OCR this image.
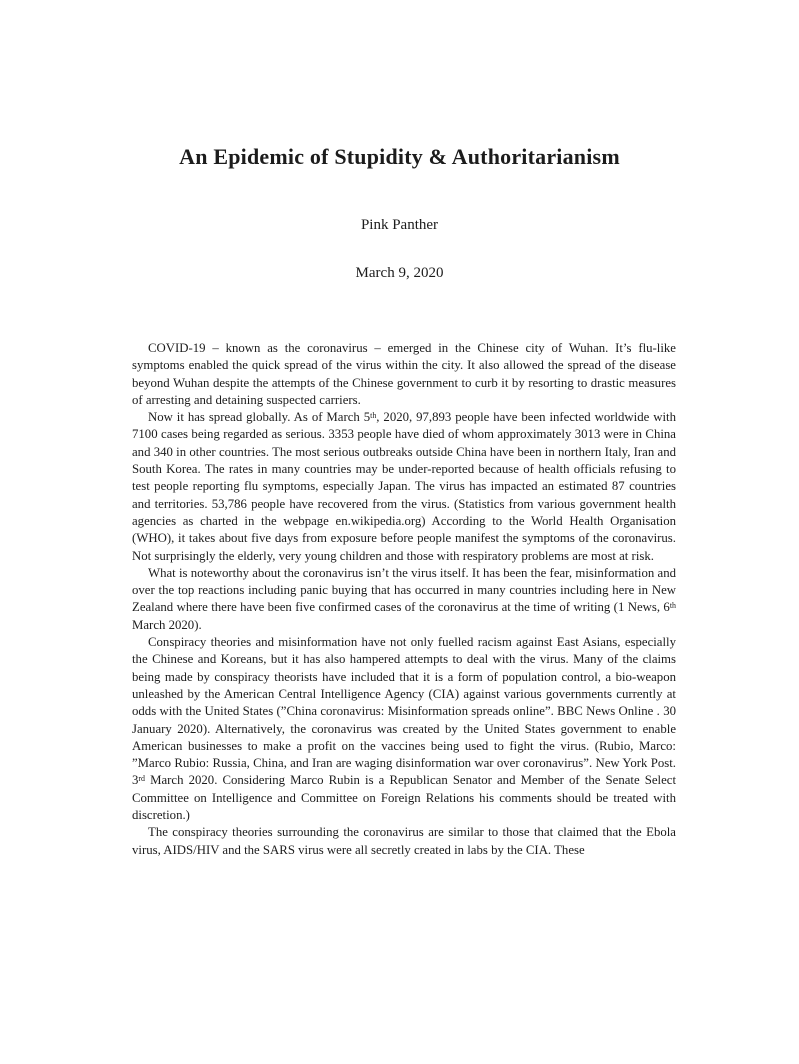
An Epidemic of Stupidity & Authoritarianism
Pink Panther
March 9, 2020

COVID-19 – known as the coronavirus – emerged in the Chinese city of Wuhan. It’s flu-like symptoms enabled the quick spread of the virus within the city. It also allowed the spread of the disease beyond Wuhan despite the attempts of the Chinese government to curb it by resorting to drastic measures of arresting and detaining suspected carriers.

Now it has spread globally. As of March 5th, 2020, 97,893 people have been infected worldwide with 7100 cases being regarded as serious. 3353 people have died of whom approximately 3013 were in China and 340 in other countries. The most serious outbreaks outside China have been in northern Italy, Iran and South Korea. The rates in many countries may be under-reported because of health officials refusing to test people reporting flu symptoms, especially Japan. The virus has impacted an estimated 87 countries and territories. 53,786 people have recovered from the virus. (Statistics from various government health agencies as charted in the webpage en.wikipedia.org) According to the World Health Organisation (WHO), it takes about five days from exposure before people manifest the symptoms of the coronavirus. Not surprisingly the elderly, very young children and those with respiratory problems are most at risk.

What is noteworthy about the coronavirus isn’t the virus itself. It has been the fear, misinformation and over the top reactions including panic buying that has occurred in many countries including here in New Zealand where there have been five confirmed cases of the coronavirus at the time of writing (1 News, 6th March 2020).

Conspiracy theories and misinformation have not only fuelled racism against East Asians, especially the Chinese and Koreans, but it has also hampered attempts to deal with the virus. Many of the claims being made by conspiracy theorists have included that it is a form of population control, a bio-weapon unleashed by the American Central Intelligence Agency (CIA) against various governments currently at odds with the United States (”China coronavirus: Misinformation spreads online”. BBC News Online . 30 January 2020). Alternatively, the coronavirus was created by the United States government to enable American businesses to make a profit on the vaccines being used to fight the virus. (Rubio, Marco: ”Marco Rubio: Russia, China, and Iran are waging disinformation war over coronavirus”. New York Post. 3rd March 2020. Considering Marco Rubin is a Republican Senator and Member of the Senate Select Committee on Intelligence and Committee on Foreign Relations his comments should be treated with discretion.)

The conspiracy theories surrounding the coronavirus are similar to those that claimed that the Ebola virus, AIDS/HIV and the SARS virus were all secretly created in labs by the CIA. These
